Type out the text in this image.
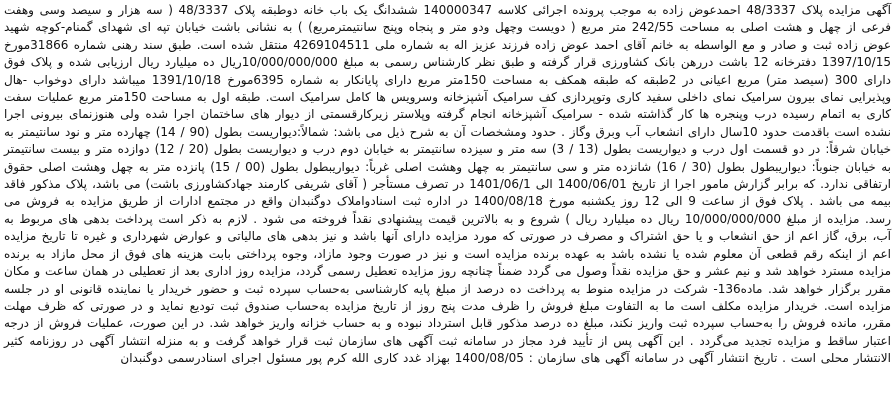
آگهی مزایده پلاک 48/3337 احمدعوض زاده به موجب پرونده اجرائی کلاسه 140000347 ششدانگ یک باب خانه دوطبقه پلاک 48/3337 ( سه هزار و سیصد وسی وهفت فرعی از چهل و هشت اصلی به مساحت 242/55 متر مربع ( دویست وچهل ودو متر و پنجاه وپنج سانتیمترمربع) ) به نشانی باشت خیابان تپه ای شهدای گمنام-کوچه شهید عوض زاده ثبت و صادر و مع الواسطه به خانم آقای احمد عوض زاده فرزند عزیز اله به شماره ملی 4269104511 منتقل شده است. طبق سند رهنی شماره 31866مورخ 1397/10/15 دفترخانه 12 باشت دررهن بانک کشاورزی قرار گرفته و طبق نظر کارشناس رسمی به مبلغ 10/000/000/000ریال ده میلیارد ریال ارزیابی شده و پلاک فوق دارای 300 (سیصد متر) مربع اعیانی در 2طبقه که طبقه همکف به مساحت 150متر مربع دارای پایانکار به شماره 6395مورخ 1391/10/18 میباشد دارای دوخواب -هال وپذیرایی نمای بیرون سرامیک نمای داخلی سفید کاری وتوپردازی کف سرامیک آشپزخانه وسرویس ها کامل سرامیک است. طبقه اول به مساحت 150متر مربع عملیات سفت کاری به اتمام رسیده درب وپنجره ها کار گذاشته شده - سرامیک آشپزخانه انجام گرفته وپلاستر زیرکارقسمتی از دیوار های ساختمان اجرا شده ولی هنوزنمای بیرونی اجرا نشده است باقدمت حدود 10سال دارای انشعاب آب وبرق وگاز . حدود ومشخصات آن به شرح ذیل می باشد: شمالاً:دیواریست بطول (90 / 14) چهارده متر و نود سانتیمتر به خیابان شرقاً: در دو قسمت اول درب و دیواریست بطول (13 / 3) سه متر و سیزده سانتیمتر به خیابان دوم درب و دیواریست بطول (20 / 12) دوازده متر و بیست سانتیمتر به خیابان جنوباً: دیواریبطول بطول (30 / 16) شانزده متر و سی سانتیمتر به چهل وهشت اصلی غرباً: دیواریبطول بطول (00 / 15) پانزده متر به چهل وهشت اصلی حقوق ارتفاقی ندارد. که برابر گزارش مامور اجرا از تاریخ 1400/06/01 الی 1401/06/1 در تصرف مستأجر ( آقای شریفی کارمند جهادکشاورزی باشت) می باشد، پلاک مذکور فاقد بیمه می باشد . پلاک فوق از ساعت 9 الی 12 روز یکشنبه مورخ 1400/08/18 در اداره ثبت اسنادواملاک دوگنبدان واقع در مجتمع ادارات از طریق مزایده به فروش می رسد. مزایده از مبلغ 10/000/000/000 ریال ده میلیارد ریال ) شروع و به بالاترین قیمت پیشنهادی نقداً فروخته می شود . لازم به ذکر است پرداخت بدهی های مربوط به آب، برق، گاز اعم از حق انشعاب و یا حق اشتراک و مصرف در صورتی که مورد مزایده دارای آنها باشد و نیز بدهی های مالیاتی و عوارض شهرداری و غیره تا تاریخ مزایده اعم از اینکه رقم قطعی آن معلوم شده یا نشده باشد به عهده برنده مزایده است و نیز در صورت وجود مازاد، وجوه پرداختی بابت هزینه های فوق از محل مازاد به برنده مزایده مسترد خواهد شد و نیم عشر و حق مزایده نقداً وصول می گردد ضمناً چنانچه روز مزایده تعطیل رسمی گردد، مزایده روز اداری بعد از تعطیلی در همان ساعت و مکان مقرر برگزار خواهد شد. ماده136- شرکت در مزایده منوط به پرداخت ده درصد از مبلغ پایه کارشناسی به‌حساب سپرده ثبت و حضور خریدار یا نماینده قانونی او در جلسه مزایده است. خریدار مزایده مکلف است ما به التفاوت مبلغ فروش را ظرف مدت پنج روز از تاریخ مزایده به‌حساب صندوق ثبت تودیع نماید و در صورتی که ظرف مهلت مقرر، مانده فروش را به‌حساب سپرده ثبت واریز نکند، مبلغ ده درصد مذکور قابل استرداد نبوده و به حساب خزانه واریز خواهد شد. در این صورت، عملیات فروش از درجه اعتبار ساقط و مزایده تجدید می‌گردد . این آگهی پس از تأیید فرد مجاز در سامانه ثبت آگهی های سازمان ثبت قرار خواهد گرفت و به منزله انتشار آگهی در روزنامه کثیر الانتشار محلی است . تاریخ انتشار آگهی در سامانه آگهی های سازمان : 1400/08/05 بهزاد غدد کاری الله کرم پور مسئول اجرای اسنادرسمی دوگنبدان
